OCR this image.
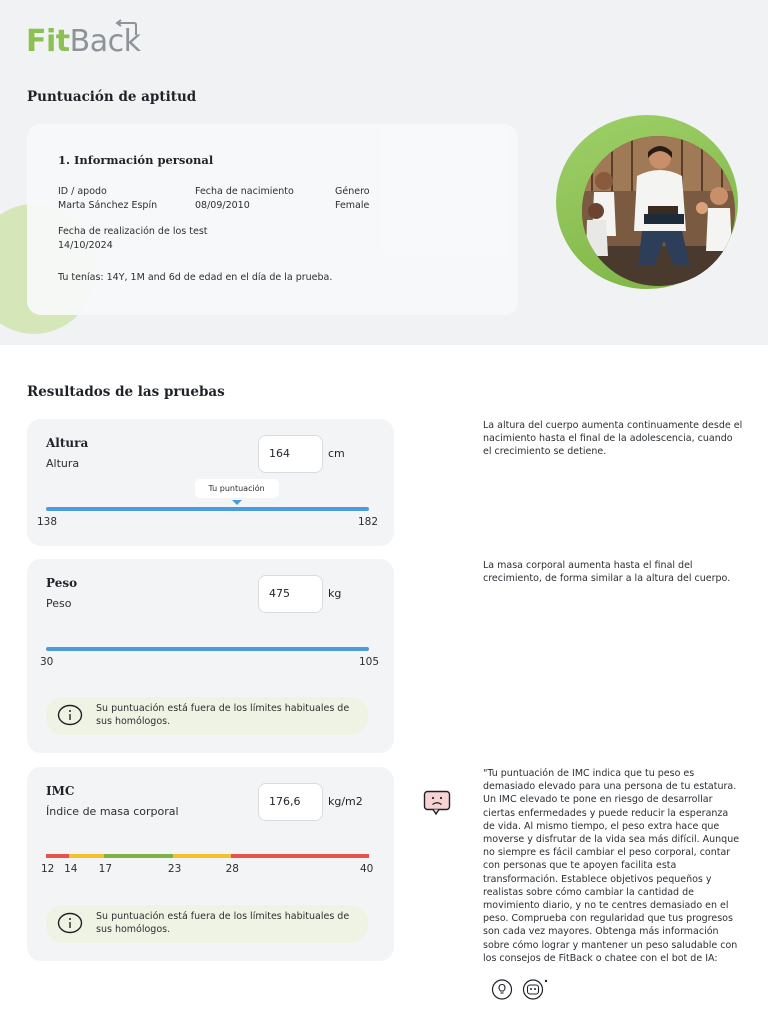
FitBack
Puntuación de aptitud
1. Información personal
ID / apodo
Marta Sánchez Espín
Fecha de nacimiento
08/09/2010
Género
Female
Fecha de realización de los test
14/10/2024
Tu tenías: 14Y, 1M and 6d de edad en el día de la prueba.
Resultados de las pruebas
Altura
Altura
164	cm
Tu puntuación
138	182
La altura del cuerpo aumenta continuamente desde el nacimiento hasta el final de la adolescencia, cuando el crecimiento se detiene.
Peso
Peso
475	kg
30	105
Su puntuación está fuera de los límites habituales de sus homólogos.
La masa corporal aumenta hasta el final del crecimiento, de forma similar a la altura del cuerpo.
IMC
Índice de masa corporal
176,6	kg/m2
12 14 17	23	28	40
Su puntuación está fuera de los límites habituales de sus homólogos.
"Tu puntuación de IMC indica que tu peso es demasiado elevado para una persona de tu estatura. Un IMC elevado te pone en riesgo de desarrollar ciertas enfermedades y puede reducir la esperanza de vida. Al mismo tiempo, el peso extra hace que moverse y disfrutar de la vida sea más difícil. Aunque no siempre es fácil cambiar el peso corporal, contar con personas que te apoyen facilita esta transformación. Establece objetivos pequeños y realistas sobre cómo cambiar la cantidad de movimiento diario, y no te centres demasiado en el peso. Comprueba con regularidad que tus progresos son cada vez mayores. Obtenga más información sobre cómo lograr y mantener un peso saludable con los consejos de FitBack o chatee con el bot de IA:
